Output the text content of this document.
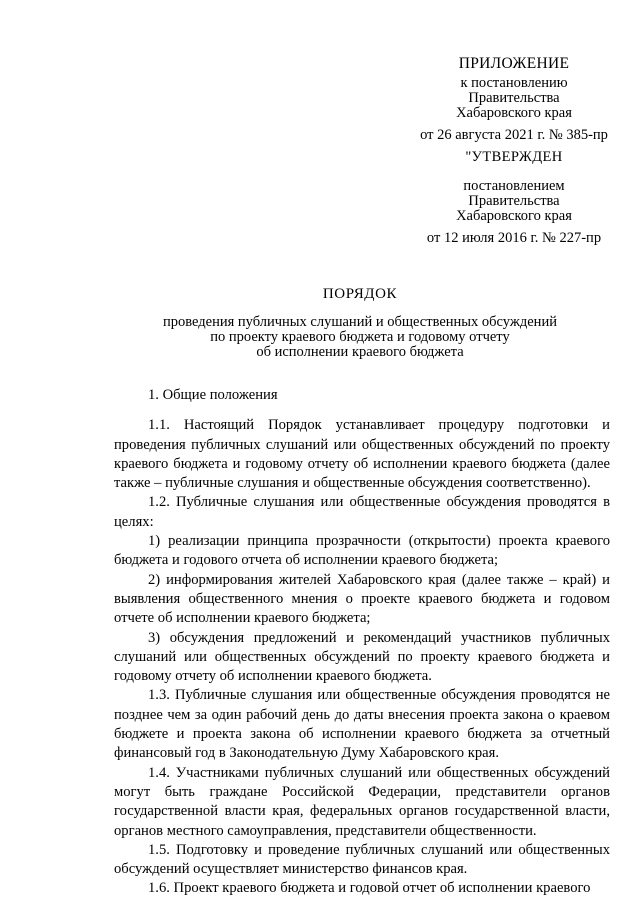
ПРИЛОЖЕНИЕ
к постановлению
Правительства
Хабаровского края
от 26 августа 2021 г. № 385-пр
"УТВЕРЖДЕН
постановлением
Правительства
Хабаровского края
от 12 июля 2016 г. № 227-пр
ПОРЯДОК
проведения публичных слушаний и общественных обсуждений
по проекту краевого бюджета и годовому отчету
об исполнении краевого бюджета
1. Общие положения

1.1. Настоящий Порядок устанавливает процедуру подготовки и проведения публичных слушаний или общественных обсуждений по проекту краевого бюджета и годовому отчету об исполнении краевого бюджета (далее также – публичные слушания и общественные обсуждения соответственно).

1.2. Публичные слушания или общественные обсуждения проводятся в целях:

1) реализации принципа прозрачности (открытости) проекта краевого бюджета и годового отчета об исполнении краевого бюджета;

2) информирования жителей Хабаровского края (далее также – край) и выявления общественного мнения о проекте краевого бюджета и годовом отчете об исполнении краевого бюджета;

3) обсуждения предложений и рекомендаций участников публичных слушаний или общественных обсуждений по проекту краевого бюджета и годовому отчету об исполнении краевого бюджета.

1.3. Публичные слушания или общественные обсуждения проводятся не позднее чем за один рабочий день до даты внесения проекта закона о краевом бюджете и проекта закона об исполнении краевого бюджета за отчетный финансовый год в Законодательную Думу Хабаровского края.

1.4. Участниками публичных слушаний или общественных обсуждений могут быть граждане Российской Федерации, представители органов государственной власти края, федеральных органов государственной власти, органов местного самоуправления, представители общественности.

1.5. Подготовку и проведение публичных слушаний или общественных обсуждений осуществляет министерство финансов края.

1.6. Проект краевого бюджета и годовой отчет об исполнении краевого
